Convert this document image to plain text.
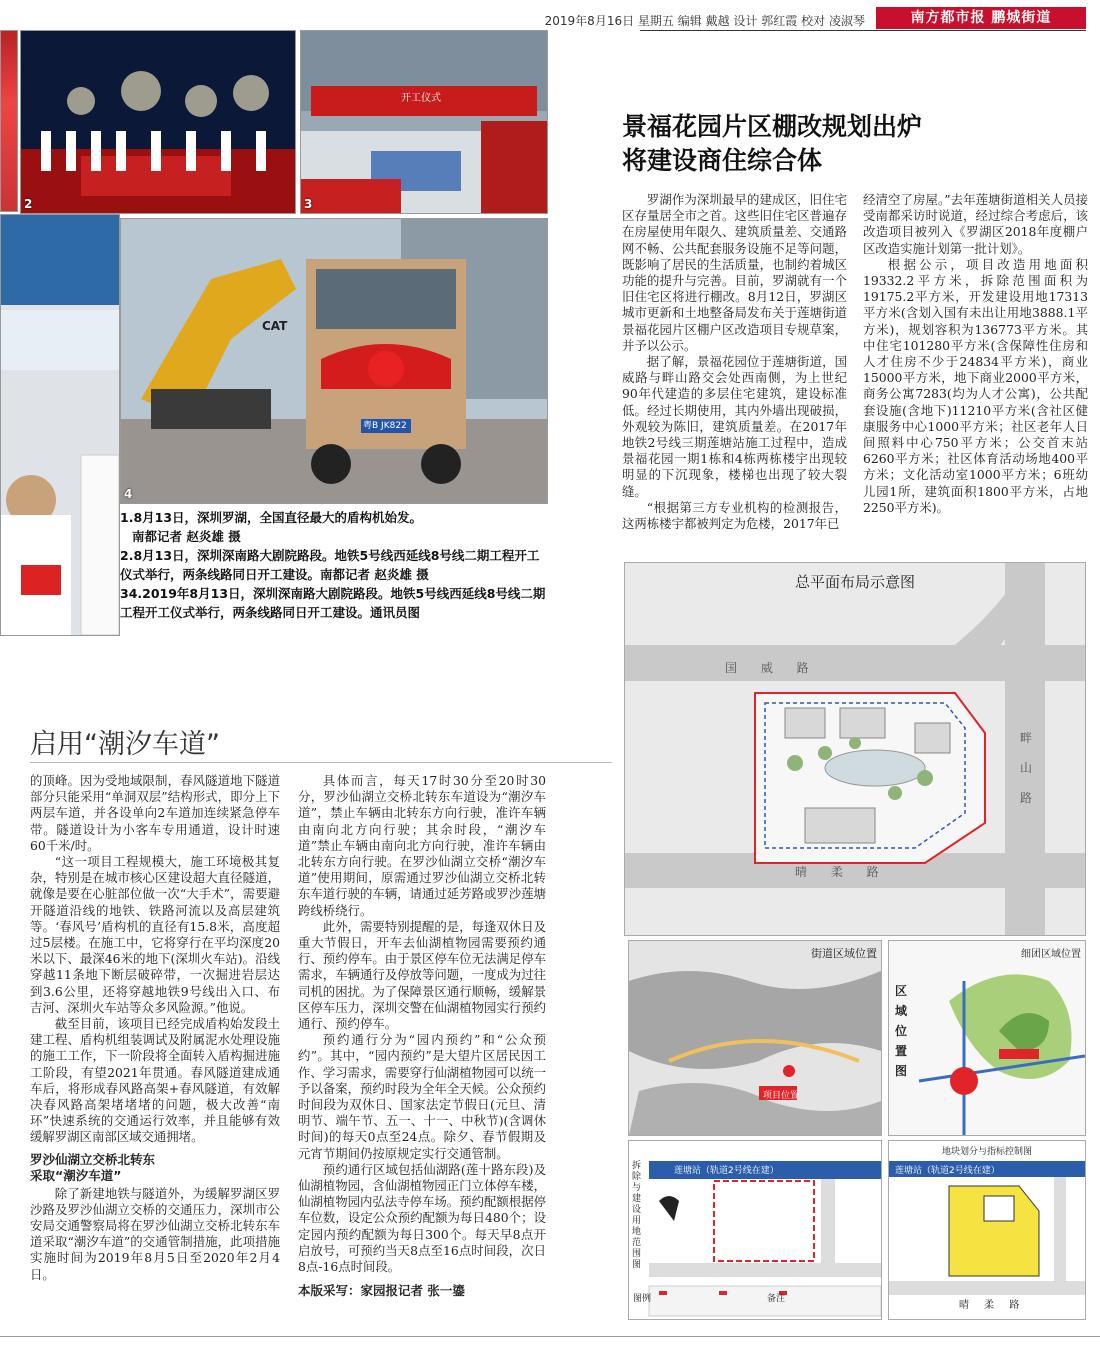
2019年8月16日 星期五 编辑 戴越 设计 郭红霞 校对 凌淑琴	南方都市报 鹏城街道
2
开工仪式
3
CAT
粤B JK822
4
1.8月13日，深圳罗湖，全国直径最大的盾构机始发。
南都记者 赵炎雄 摄
2.8月13日，深圳深南路大剧院路段。地铁5号线西延线8号线二期工程开工仪式举行，两条线路同日开工建设。南都记者 赵炎雄 摄
34.2019年8月13日，深圳深南路大剧院路段。地铁5号线西延线8号线二期工程开工仪式举行，两条线路同日开工建设。通讯员图
景福花园片区棚改规划出炉
将建设商住综合体

罗湖作为深圳最早的建成区，旧住宅区存量居全市之首。这些旧住宅区普遍存在房屋使用年限久、建筑质量差、交通路网不畅、公共配套服务设施不足等问题，既影响了居民的生活质量，也制约着城区功能的提升与完善。目前，罗湖就有一个旧住宅区将进行棚改。8月12日，罗湖区城市更新和土地整备局发布关于莲塘街道景福花园片区棚户区改造项目专规草案，并予以公示。

据了解，景福花园位于莲塘街道，国威路与畔山路交会处西南侧，为上世纪90年代建造的多层住宅建筑，建设标准低。经过长期使用，其内外墙出现破损，外观较为陈旧，建筑质量差。在2017年地铁2号线三期莲塘站施工过程中，造成景福花园一期1栋和4栋两栋楼宇出现较明显的下沉现象，楼梯也出现了较大裂缝。

“根据第三方专业机构的检测报告，这两栋楼宇都被判定为危楼，2017年已

经清空了房屋。”去年莲塘街道相关人员接受南都采访时说道，经过综合考虑后，该改造项目被列入《罗湖区2018年度棚户区改造实施计划第一批计划》。

根据公示，项目改造用地面积19332.2平方米，拆除范围面积为19175.2平方米，开发建设用地17313平方米(含划入国有未出让用地3888.1平方米)，规划容积为136773平方米。其中住宅101280平方米(含保障性住房和人才住房不少于24834平方米)，商业15000平方米，地下商业2000平方米，商务公寓7283(均为人才公寓)，公共配套设施(含地下)11210平方米(含社区健康服务中心1000平方米；社区老年人日间照料中心750平方米；公交首末站6260平方米；社区体育活动场地400平方米；文化活动室1000平方米；6班幼儿园1所，建筑面积1800平方米，占地2250平方米)。

总平面布局示意图
国 威 路
畔 山 路
晴 柔 路
街道区域位置
项目位置
细团区域位置
区域位置图
拆除与建设用地范围图
莲塘站（轨道2号线在建）
图例	备注
地块划分与指标控制图
莲塘站（轨道2号线在建）
晴 柔 路
启用“潮汐车道”

的顶峰。因为受地域限制，春风隧道地下隧道部分只能采用“单洞双层”结构形式，即分上下两层车道，并各设单向2车道加连续紧急停车带。隧道设计为小客车专用通道，设计时速60千米/时。

“这一项目工程规模大，施工环境极其复杂，特别是在城市核心区建设超大直径隧道，就像是要在心脏部位做一次“大手术”，需要避开隧道沿线的地铁、铁路河流以及高层建筑等。‘春风号’盾构机的直径有15.8米，高度超过5层楼。在施工中，它将穿行在平均深度20米以下、最深46米的地下(深圳火车站)。沿线穿越11条地下断层破碎带，一次掘进岩层达到3.6公里，还将穿越地铁9号线出入口、布吉河、深圳火车站等众多风险源。”他说。

截至目前，该项目已经完成盾构始发段土建工程、盾构机组装调试及附属泥水处理设施的施工工作，下一阶段将全面转入盾构掘进施工阶段，有望2021年贯通。春风隧道建成通车后，将形成春风路高架+春风隧道，有效解决春风路高架堵堵堵的问题，极大改善“南环”快速系统的交通运行效率，并且能够有效缓解罗湖区南部区域交通拥堵。

罗沙仙湖立交桥北转东
采取“潮汐车道”

除了新建地铁与隧道外，为缓解罗湖区罗沙路及罗沙仙湖立交桥的交通压力，深圳市公安局交通警察局将在罗沙仙湖立交桥北转东车道采取“潮汐车道”的交通管制措施，此项措施实施时间为2019年8月5日至2020年2月4日。

具体而言，每天17时30分至20时30分，罗沙仙湖立交桥北转东车道设为“潮汐车道”，禁止车辆由北转东方向行驶，准许车辆由南向北方向行驶；其余时段，“潮汐车道”禁止车辆由南向北方向行驶，准许车辆由北转东方向行驶。在罗沙仙湖立交桥“潮汐车道”使用期间，原需通过罗沙仙湖立交桥北转东车道行驶的车辆，请通过延芳路或罗沙莲塘跨线桥绕行。

此外，需要特别提醒的是，每逢双休日及重大节假日，开车去仙湖植物园需要预约通行、预约停车。由于景区停车位无法满足停车需求，车辆通行及停放等问题，一度成为过往司机的困扰。为了保障景区通行顺畅，缓解景区停车压力，深圳交警在仙湖植物园实行预约通行、预约停车。

预约通行分为“园内预约”和“公众预约”。其中，“园内预约”是大望片区居民因工作、学习需求，需要穿行仙湖植物园可以统一予以备案，预约时段为全年全天候。公众预约时间段为双休日、国家法定节假日(元旦、清明节、端午节、五一、十一、中秋节)(含调休时间)的每天0点至24点。除夕、春节假期及元宵节期间仍按原规定实行交通管制。

预约通行区域包括仙湖路(莲十路东段)及仙湖植物园，含仙湖植物园正门立体停车楼，仙湖植物园内弘法寺停车场。预约配额根据停车位数，设定公众预约配额为每日480个；设定园内预约配额为每日300个。每天早8点开启放号，可预约当天8点至16点时间段，次日8点-16点时间段。

本版采写：家园报记者 张一鎏
